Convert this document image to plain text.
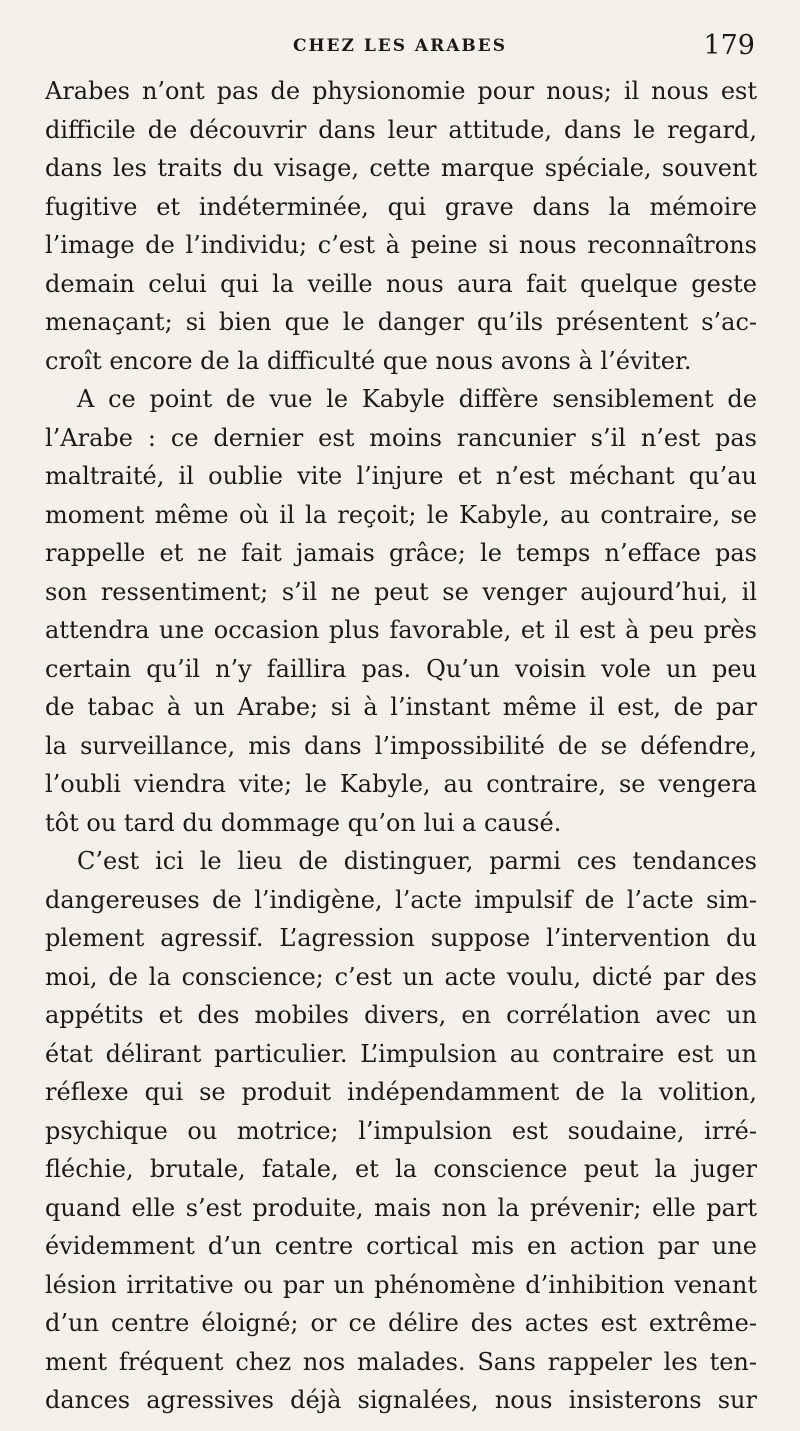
CHEZ LES ARABES	179
Arabes n’ont pas de physionomie pour nous; il nous est
difficile de découvrir dans leur attitude, dans le regard,
dans les traits du visage, cette marque spéciale, souvent
fugitive et indéterminée, qui grave dans la mémoire
l’image de l’individu; c’est à peine si nous reconnaîtrons
demain celui qui la veille nous aura fait quelque geste
menaçant; si bien que le danger qu’ils présentent s’ac-
croît encore de la difficulté que nous avons à l’éviter.
A ce point de vue le Kabyle diffère sensiblement de
l’Arabe : ce dernier est moins rancunier s’il n’est pas
maltraité, il oublie vite l’injure et n’est méchant qu’au
moment même où il la reçoit; le Kabyle, au contraire, se
rappelle et ne fait jamais grâce; le temps n’efface pas
son ressentiment; s’il ne peut se venger aujourd’hui, il
attendra une occasion plus favorable, et il est à peu près
certain qu’il n’y faillira pas. Qu’un voisin vole un peu
de tabac à un Arabe; si à l’instant même il est, de par
la surveillance, mis dans l’impossibilité de se défendre,
l’oubli viendra vite; le Kabyle, au contraire, se vengera
tôt ou tard du dommage qu’on lui a causé.
C’est ici le lieu de distinguer, parmi ces tendances
dangereuses de l’indigène, l’acte impulsif de l’acte sim-
plement agressif. L’agression suppose l’intervention du
moi, de la conscience; c’est un acte voulu, dicté par des
appétits et des mobiles divers, en corrélation avec un
état délirant particulier. L’impulsion au contraire est un
réflexe qui se produit indépendamment de la volition,
psychique ou motrice; l’impulsion est soudaine, irré-
fléchie, brutale, fatale, et la conscience peut la juger
quand elle s’est produite, mais non la prévenir; elle part
évidemment d’un centre cortical mis en action par une
lésion irritative ou par un phénomène d’inhibition venant
d’un centre éloigné; or ce délire des actes est extrême-
ment fréquent chez nos malades. Sans rappeler les ten-
dances agressives déjà signalées, nous insisterons sur
